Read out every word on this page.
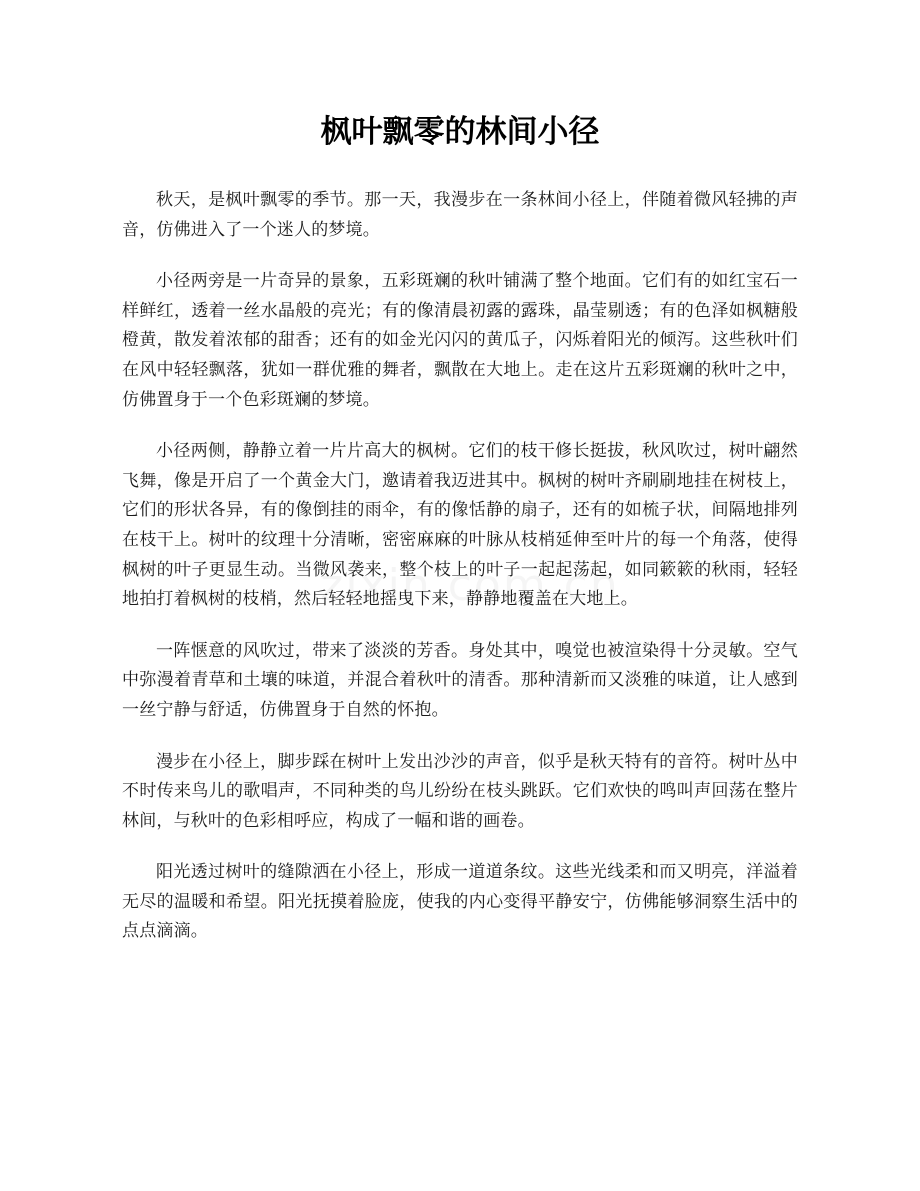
枫叶飘零的林间小径

秋天，是枫叶飘零的季节。那一天，我漫步在一条林间小径上，伴随着微风轻拂的声音，仿佛进入了一个迷人的梦境。

小径两旁是一片奇异的景象，五彩斑斓的秋叶铺满了整个地面。它们有的如红宝石一样鲜红，透着一丝水晶般的亮光；有的像清晨初露的露珠，晶莹剔透；有的色泽如枫糖般橙黄，散发着浓郁的甜香；还有的如金光闪闪的黄瓜子，闪烁着阳光的倾泻。这些秋叶们在风中轻轻飘落，犹如一群优雅的舞者，飘散在大地上。走在这片五彩斑斓的秋叶之中，仿佛置身于一个色彩斑斓的梦境。

小径两侧，静静立着一片片高大的枫树。它们的枝干修长挺拔，秋风吹过，树叶翩然飞舞，像是开启了一个黄金大门，邀请着我迈进其中。枫树的树叶齐刷刷地挂在树枝上，它们的形状各异，有的像倒挂的雨伞，有的像恬静的扇子，还有的如梳子状，间隔地排列在枝干上。树叶的纹理十分清晰，密密麻麻的叶脉从枝梢延伸至叶片的每一个角落，使得枫树的叶子更显生动。当微风袭来，整个枝上的叶子一起起荡起，如同簌簌的秋雨，轻轻地拍打着枫树的枝梢，然后轻轻地摇曳下来，静静地覆盖在大地上。

一阵惬意的风吹过，带来了淡淡的芳香。身处其中，嗅觉也被渲染得十分灵敏。空气中弥漫着青草和土壤的味道，并混合着秋叶的清香。那种清新而又淡雅的味道，让人感到一丝宁静与舒适，仿佛置身于自然的怀抱。

漫步在小径上，脚步踩在树叶上发出沙沙的声音，似乎是秋天特有的音符。树叶丛中不时传来鸟儿的歌唱声，不同种类的鸟儿纷纷在枝头跳跃。它们欢快的鸣叫声回荡在整片林间，与秋叶的色彩相呼应，构成了一幅和谐的画卷。

阳光透过树叶的缝隙洒在小径上，形成一道道条纹。这些光线柔和而又明亮，洋溢着无尽的温暖和希望。阳光抚摸着脸庞，使我的内心变得平静安宁，仿佛能够洞察生活中的点点滴滴。
